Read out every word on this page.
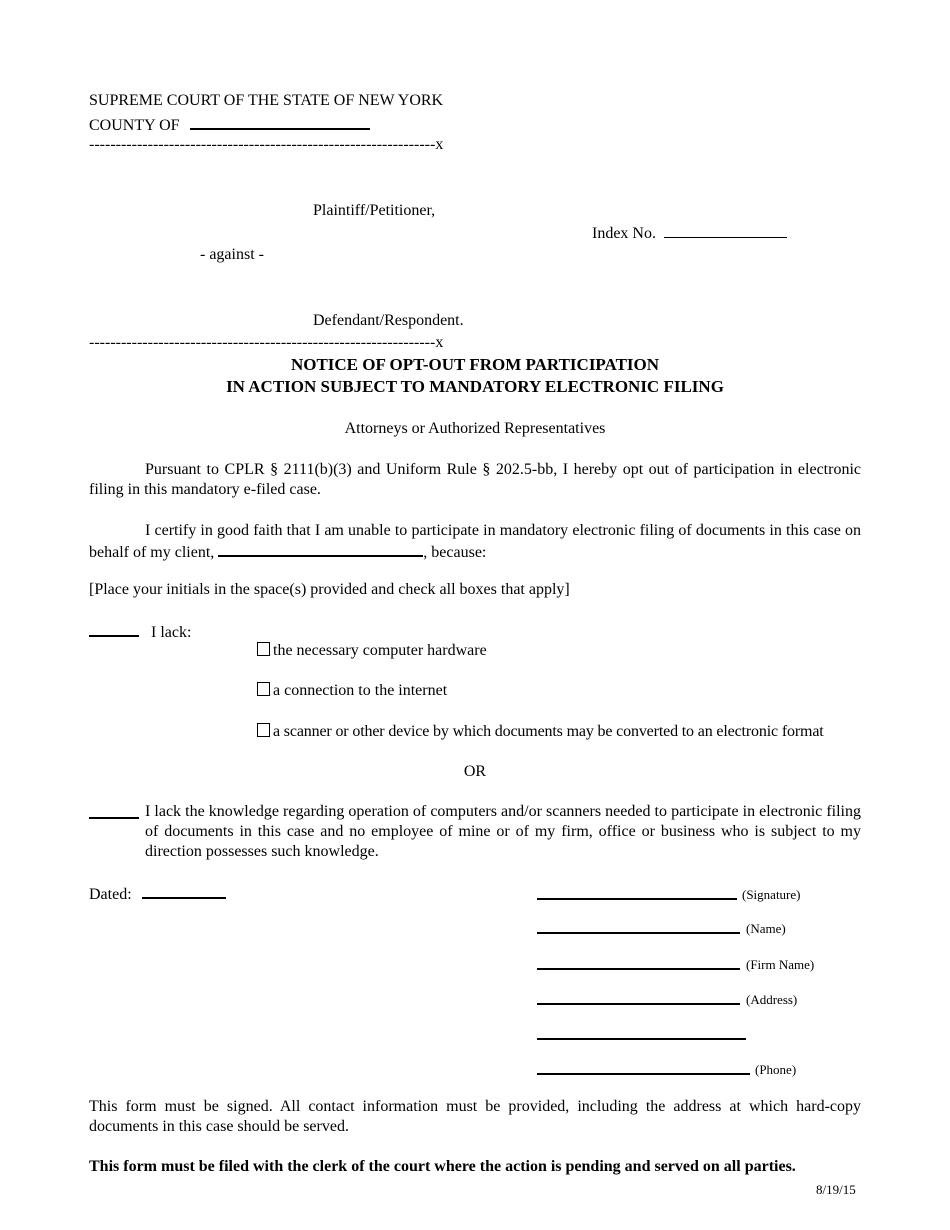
SUPREME COURT OF THE STATE OF NEW YORK
COUNTY OF
-----------------------------------------------------------------x
Plaintiff/Petitioner,
Index No.
- against -
Defendant/Respondent.
-----------------------------------------------------------------x
NOTICE OF OPT-OUT FROM PARTICIPATION
IN ACTION SUBJECT TO MANDATORY ELECTRONIC FILING
Attorneys or Authorized Representatives
Pursuant to CPLR § 2111(b)(3) and Uniform Rule § 202.5-bb, I hereby opt out of participation in electronic filing in this mandatory e-filed case.
I certify in good faith that I am unable to participate in mandatory electronic filing of documents in this case on behalf of my client,	, because:
[Place your initials in the space(s) provided and check all boxes that apply]
I lack:
the necessary computer hardware
a connection to the internet
a scanner or other device by which documents may be converted to an electronic format
OR
I lack the knowledge regarding operation of computers and/or scanners needed to participate in electronic filing of documents in this case and no employee of mine or of my firm, office or business who is subject to my direction possesses such knowledge.
Dated:	(Signature)
(Name)
(Firm Name)
(Address)
(Phone)
This form must be signed. All contact information must be provided, including the address at which hard-copy documents in this case should be served.
This form must be filed with the clerk of the court where the action is pending and served on all parties.
8/19/15
